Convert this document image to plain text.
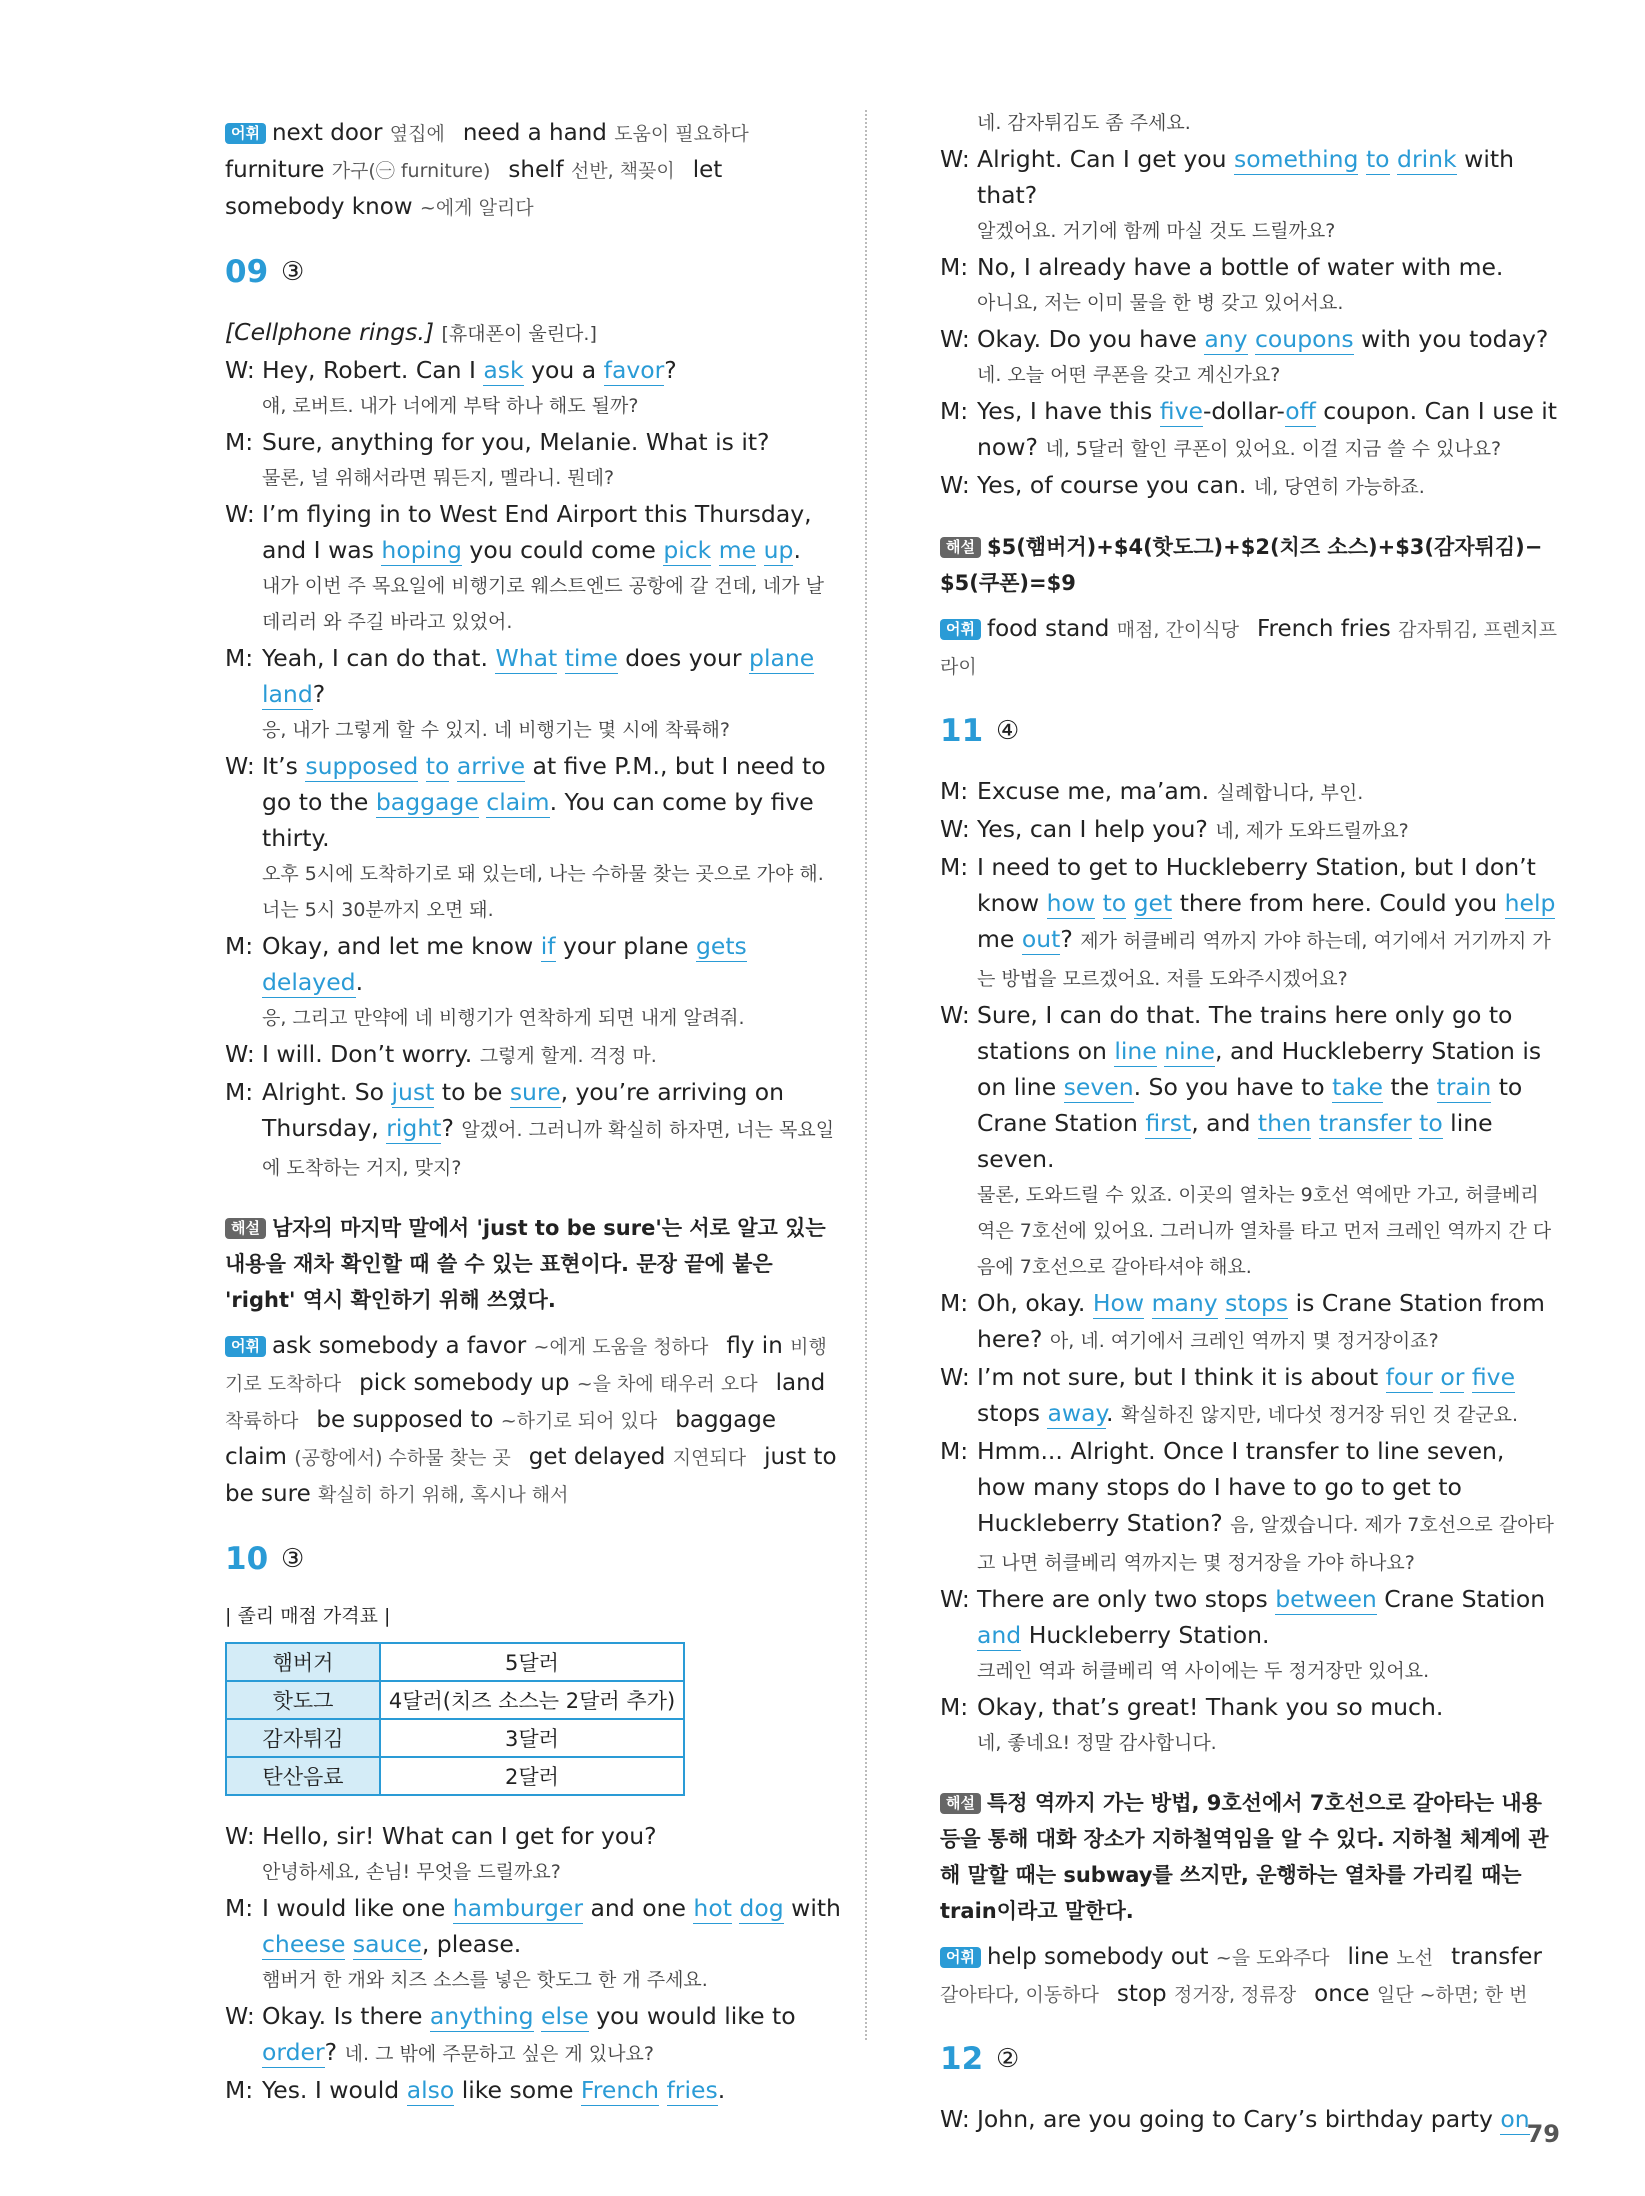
어휘 next door 옆집에 need a hand 도움이 필요하다furniture 가구(㊀ furniture) shelf 선반, 책꽂이 let somebody know ~에게 알리다
09 ③
[Cellphone rings.] [휴대폰이 울린다.]
W: Hey, Robert. Can I ask you a favor?
얘, 로버트. 내가 너에게 부탁 하나 해도 될까?
M: Sure, anything for you, Melanie. What is it?
물론, 널 위해서라면 뭐든지, 멜라니. 뭔데?
W: I’m flying in to West End Airport this Thursday, and I was hoping you could come pick me up.
내가 이번 주 목요일에 비행기로 웨스트엔드 공항에 갈 건데, 네가 날 데리러 와 주길 바라고 있었어.
M: Yeah, I can do that. What time does your plane land?
응, 내가 그렇게 할 수 있지. 네 비행기는 몇 시에 착륙해?
W: It’s supposed to arrive at five P.M., but I need to go to the baggage claim. You can come by five thirty.
오후 5시에 도착하기로 돼 있는데, 나는 수하물 찾는 곳으로 가야 해. 너는 5시 30분까지 오면 돼.
M: Okay, and let me know if your plane gets delayed.
응, 그리고 만약에 네 비행기가 연착하게 되면 내게 알려줘.
W: I will. Don’t worry. 그렇게 할게. 걱정 마.
M: Alright. So just to be sure, you’re arriving on Thursday, right? 알겠어. 그러니까 확실히 하자면, 너는 목요일에 도착하는 거지, 맞지?
해설 남자의 마지막 말에서 'just to be sure'는 서로 알고 있는 내용을 재차 확인할 때 쓸 수 있는 표현이다. 문장 끝에 붙은 'right' 역시 확인하기 위해 쓰였다.
어휘 ask somebody a favor ~에게 도움을 청하다 fly in 비행기로 도착하다 pick somebody up ~을 차에 태우러 오다 land 착륙하다 be supposed to ~하기로 되어 있다 baggage claim (공항에서) 수하물 찾는 곳 get delayed 지연되다 just to be sure 확실히 하기 위해, 혹시나 해서
10 ③
| 졸리 매점 가격표 |
햄버거	5달러
핫도그	4달러(치즈 소스는 2달러 추가)
감자튀김	3달러
탄산음료	2달러
W: Hello, sir! What can I get for you?
안녕하세요, 손님! 무엇을 드릴까요?
M: I would like one hamburger and one hot dog with cheese sauce, please.
햄버거 한 개와 치즈 소스를 넣은 핫도그 한 개 주세요.
W: Okay. Is there anything else you would like to order? 네. 그 밖에 주문하고 싶은 게 있나요?
M: Yes. I would also like some French fries.
네. 감자튀김도 좀 주세요.
W: Alright. Can I get you something to drink with that?
알겠어요. 거기에 함께 마실 것도 드릴까요?
M: No, I already have a bottle of water with me.
아니요, 저는 이미 물을 한 병 갖고 있어서요.
W: Okay. Do you have any coupons with you today?
네. 오늘 어떤 쿠폰을 갖고 계신가요?
M: Yes, I have this five-dollar-off coupon. Can I use it now? 네, 5달러 할인 쿠폰이 있어요. 이걸 지금 쓸 수 있나요?
W: Yes, of course you can. 네, 당연히 가능하죠.
해설 $5(햄버거)+$4(핫도그)+$2(치즈 소스)+$3(감자튀김)−$5(쿠폰)=$9
어휘 food stand 매점, 간이식당 French fries 감자튀김, 프렌치프라이
11 ④
M: Excuse me, ma’am. 실례합니다, 부인.
W: Yes, can I help you? 네, 제가 도와드릴까요?
M: I need to get to Huckleberry Station, but I don’t know how to get there from here. Could you help me out? 제가 허클베리 역까지 가야 하는데, 여기에서 거기까지 가는 방법을 모르겠어요. 저를 도와주시겠어요?
W: Sure, I can do that. The trains here only go to stations on line nine, and Huckleberry Station is on line seven. So you have to take the train to Crane Station first, and then transfer to line seven.
물론, 도와드릴 수 있죠. 이곳의 열차는 9호선 역에만 가고, 허클베리 역은 7호선에 있어요. 그러니까 열차를 타고 먼저 크레인 역까지 간 다음에 7호선으로 갈아타셔야 해요.
M: Oh, okay. How many stops is Crane Station from here? 아, 네. 여기에서 크레인 역까지 몇 정거장이죠?
W: I’m not sure, but I think it is about four or five stops away. 확실하진 않지만, 네다섯 정거장 뒤인 것 같군요.
M: Hmm... Alright. Once I transfer to line seven, how many stops do I have to go to get to Huckleberry Station? 음, 알겠습니다. 제가 7호선으로 갈아타고 나면 허클베리 역까지는 몇 정거장을 가야 하나요?
W: There are only two stops between Crane Station and Huckleberry Station.
크레인 역과 허클베리 역 사이에는 두 정거장만 있어요.
M: Okay, that’s great! Thank you so much.
네, 좋네요! 정말 감사합니다.
해설 특정 역까지 가는 방법, 9호선에서 7호선으로 갈아타는 내용 등을 통해 대화 장소가 지하철역임을 알 수 있다. 지하철 체계에 관해 말할 때는 subway를 쓰지만, 운행하는 열차를 가리킬 때는 train이라고 말한다.
어휘 help somebody out ~을 도와주다 line 노선 transfer 갈아타다, 이동하다 stop 정거장, 정류장 once 일단 ~하면; 한 번
12 ②
W: John, are you going to Cary’s birthday party on
79
